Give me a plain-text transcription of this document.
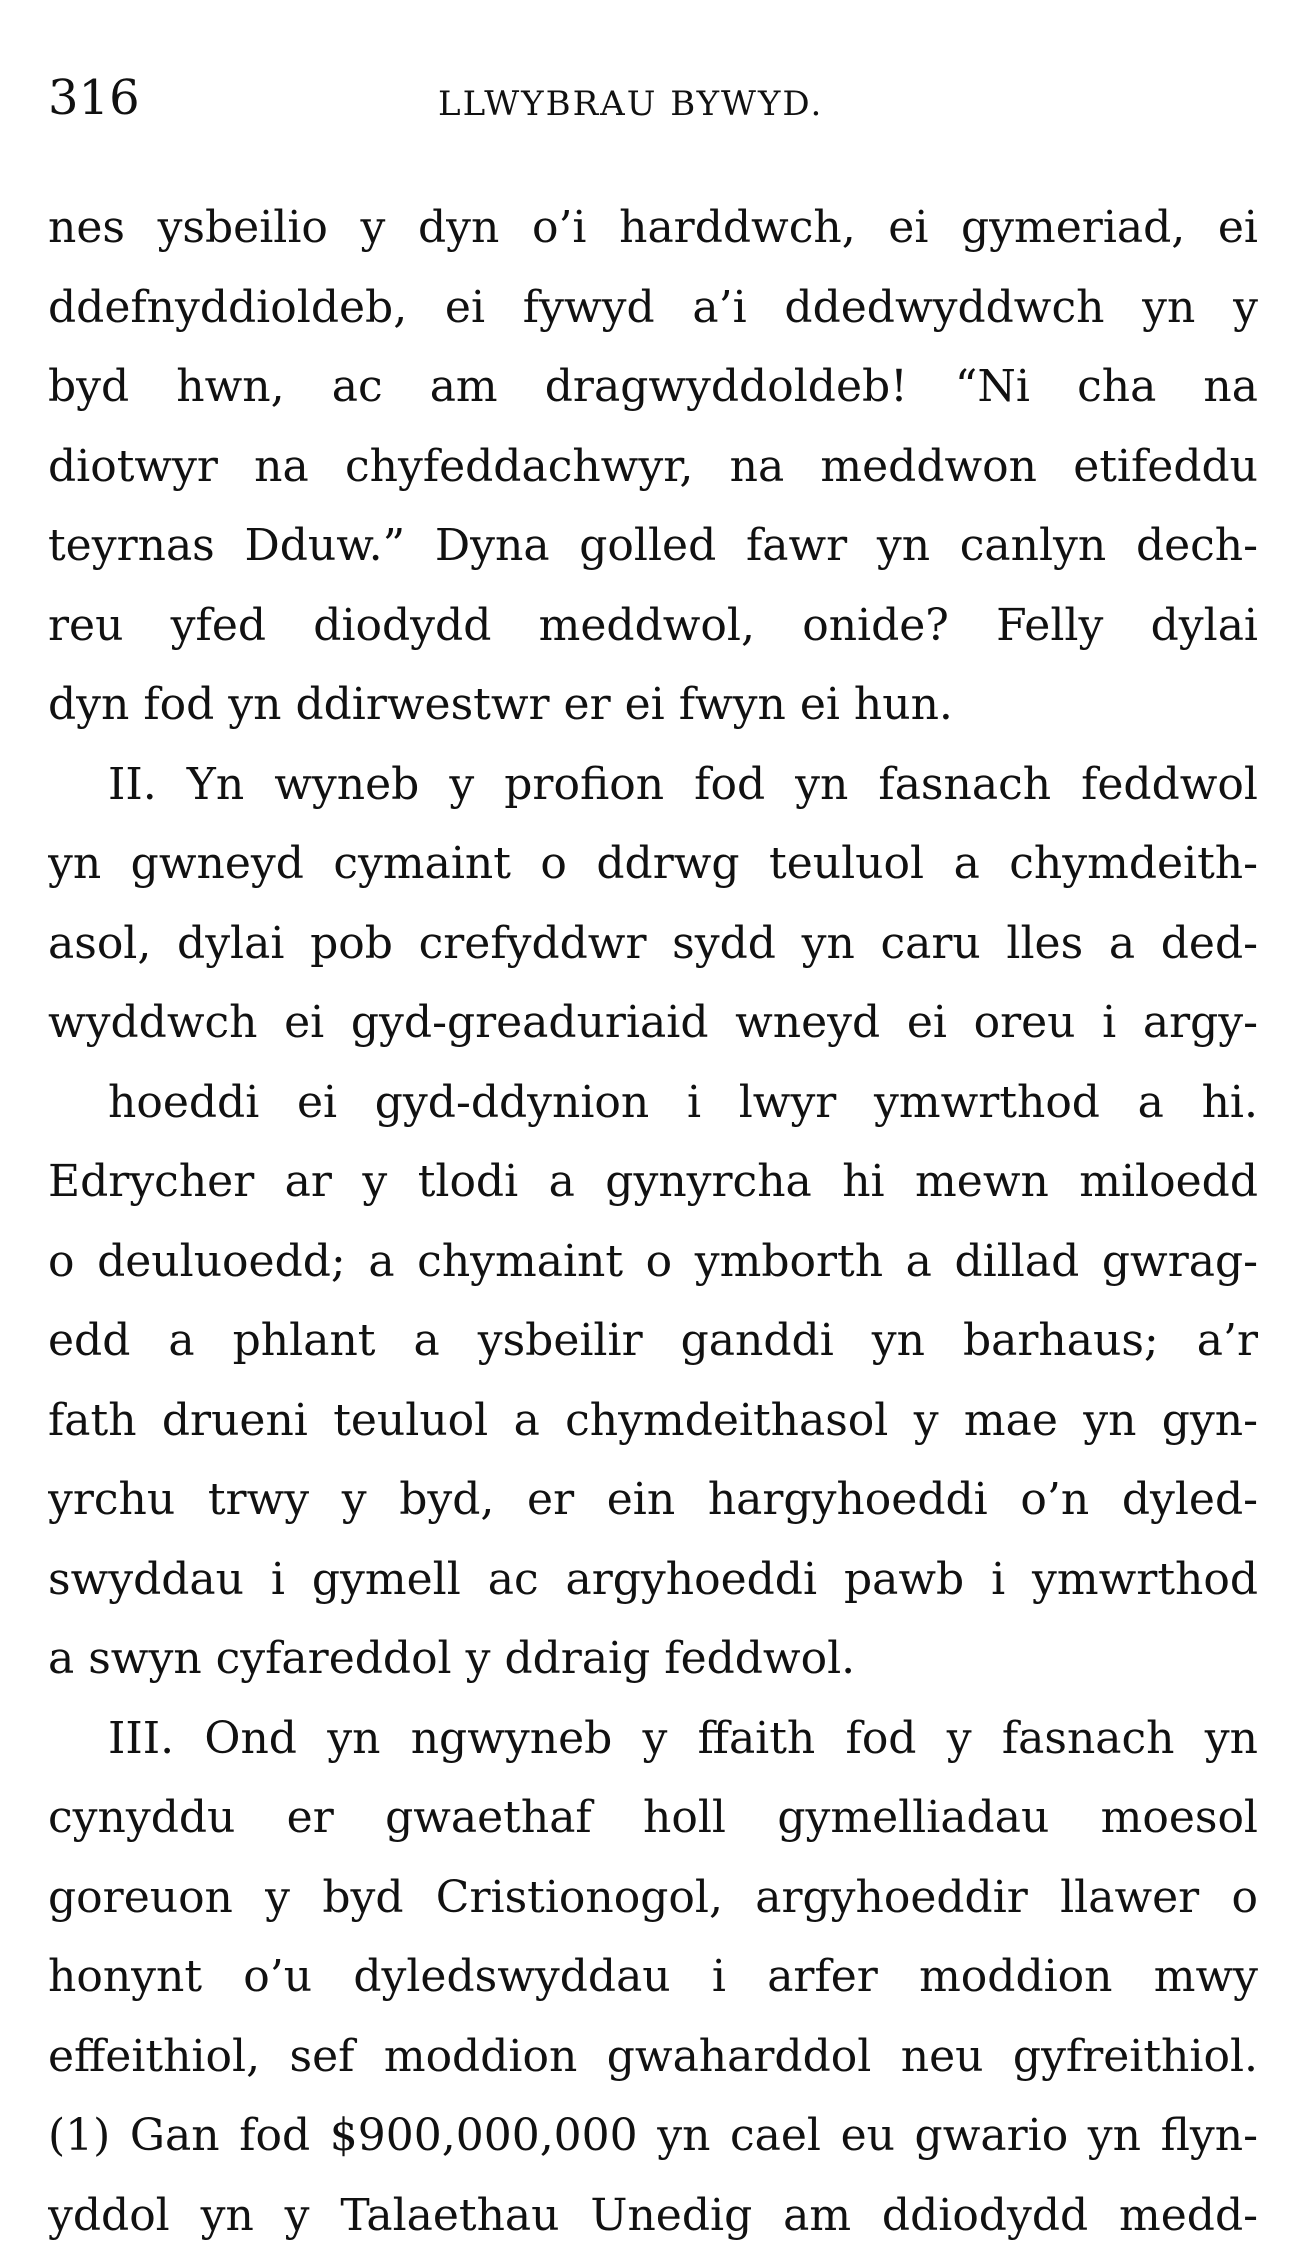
316	LLWYBRAU BYWYD.
nes ysbeilio y dyn o’i harddwch, ei gymeriad, ei
ddefnyddioldeb, ei fywyd a’i ddedwyddwch yn y
byd hwn, ac am dragwyddoldeb! “Ni cha na
diotwyr na chyfeddachwyr, na meddwon etifeddu
teyrnas Dduw.” Dyna golled fawr yn canlyn dech-
reu yfed diodydd meddwol, onide? Felly dylai
dyn fod yn ddirwestwr er ei fwyn ei hun.
II. Yn wyneb y profion fod yn fasnach feddwol
yn gwneyd cymaint o ddrwg teuluol a chymdeith-
asol, dylai pob crefyddwr sydd yn caru lles a ded-
wyddwch ei gyd-greaduriaid wneyd ei oreu i argy-
hoeddi ei gyd-ddynion i lwyr ymwrthod a hi.
Edrycher ar y tlodi a gynyrcha hi mewn miloedd
o deuluoedd; a chymaint o ymborth a dillad gwrag-
edd a phlant a ysbeilir ganddi yn barhaus; a’r
fath drueni teuluol a chymdeithasol y mae yn gyn-
yrchu trwy y byd, er ein hargyhoeddi o’n dyled-
swyddau i gymell ac argyhoeddi pawb i ymwrthod
a swyn cyfareddol y ddraig feddwol.
III. Ond yn ngwyneb y ffaith fod y fasnach yn
cynyddu er gwaethaf holl gymelliadau moesol
goreuon y byd Cristionogol, argyhoeddir llawer o
honynt o’u dyledswyddau i arfer moddion mwy
effeithiol, sef moddion gwaharddol neu gyfreithiol.
(1) Gan fod $900,000,000 yn cael eu gwario yn flyn-
yddol yn y Talaethau Unedig am ddiodydd medd-
